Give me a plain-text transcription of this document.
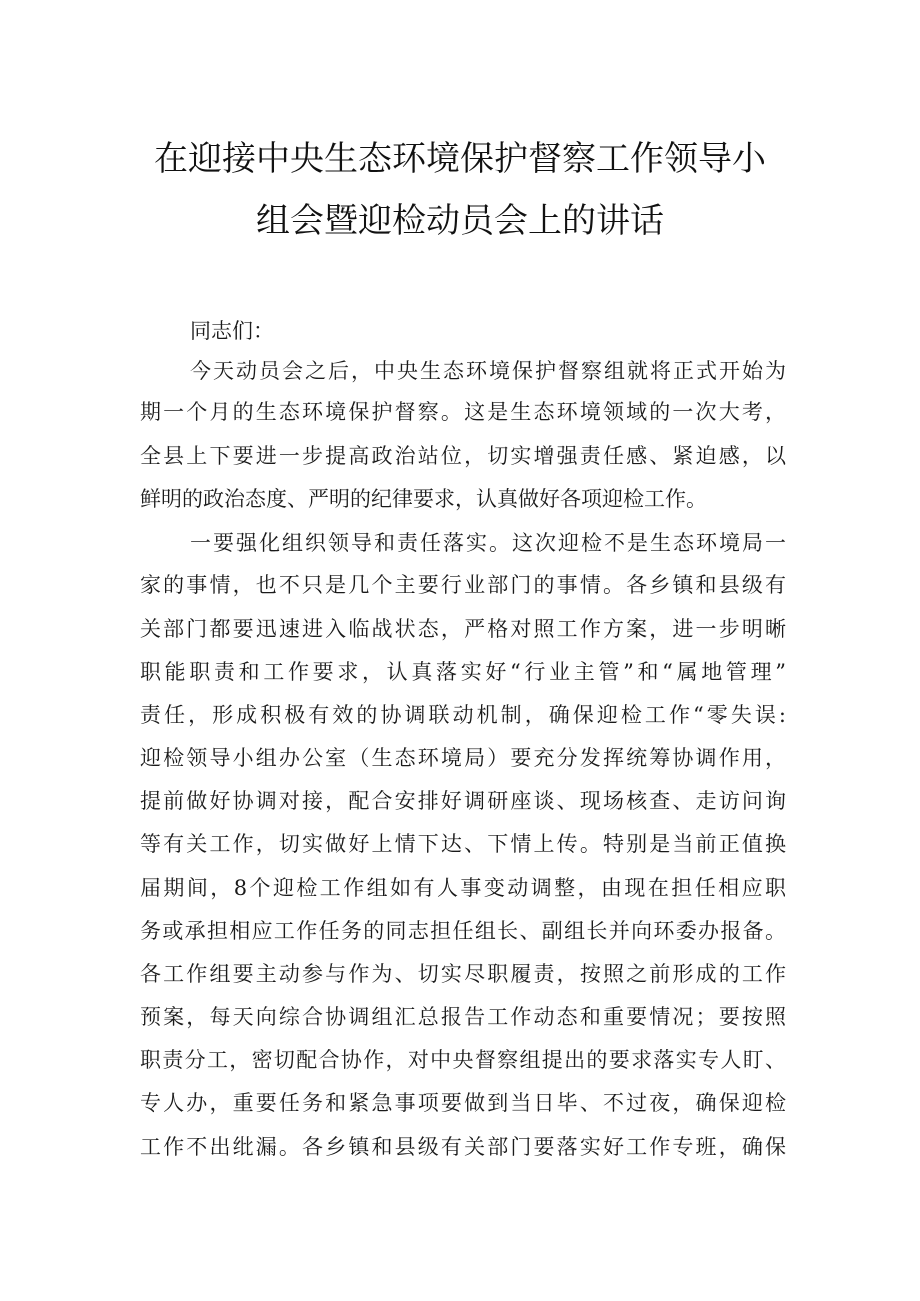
在迎接中央生态环境保护督察工作领导小
组会暨迎检动员会上的讲话
同志们：
今天动员会之后，中央生态环境保护督察组就将正式开始为
期一个月的生态环境保护督察。这是生态环境领域的一次大考，
全县上下要进一步提高政治站位，切实增强责任感、紧迫感，以
鲜明的政治态度、严明的纪律要求，认真做好各项迎检工作。
一要强化组织领导和责任落实。这次迎检不是生态环境局一
家的事情，也不只是几个主要行业部门的事情。各乡镇和县级有
关部门都要迅速进入临战状态，严格对照工作方案，进一步明晰
职能职责和工作要求，认真落实好“行业主管”和“属地管理”
责任，形成积极有效的协调联动机制，确保迎检工作“零失误:
迎检领导小组办公室（生态环境局）要充分发挥统筹协调作用，
提前做好协调对接，配合安排好调研座谈、现场核查、走访问询
等有关工作，切实做好上情下达、下情上传。特别是当前正值换
届期间，8个迎检工作组如有人事变动调整，由现在担任相应职
务或承担相应工作任务的同志担任组长、副组长并向环委办报备。
各工作组要主动参与作为、切实尽职履责，按照之前形成的工作
预案，每天向综合协调组汇总报告工作动态和重要情况；要按照
职责分工，密切配合协作，对中央督察组提出的要求落实专人盯、
专人办，重要任务和紧急事项要做到当日毕、不过夜，确保迎检
工作不出纰漏。各乡镇和县级有关部门要落实好工作专班，确保
